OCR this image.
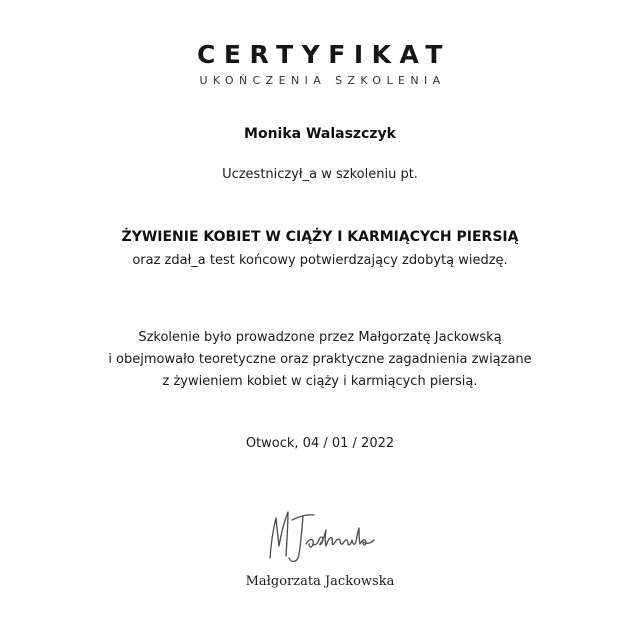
CERTYFIKAT
UKOŃCZENIA SZKOLENIA
Monika Walaszczyk
Uczestniczył_a w szkoleniu pt.
ŻYWIENIE KOBIET W CIĄŻY I KARMIĄCYCH PIERSIĄ
oraz zdał_a test końcowy potwierdzający zdobytą wiedzę.
Szkolenie było prowadzone przez Małgorzatę Jackowską
i obejmowało teoretyczne oraz praktyczne zagadnienia związane
z żywieniem kobiet w ciąży i karmiących piersią.
Otwock, 04 / 01 / 2022
Małgorzata Jackowska
